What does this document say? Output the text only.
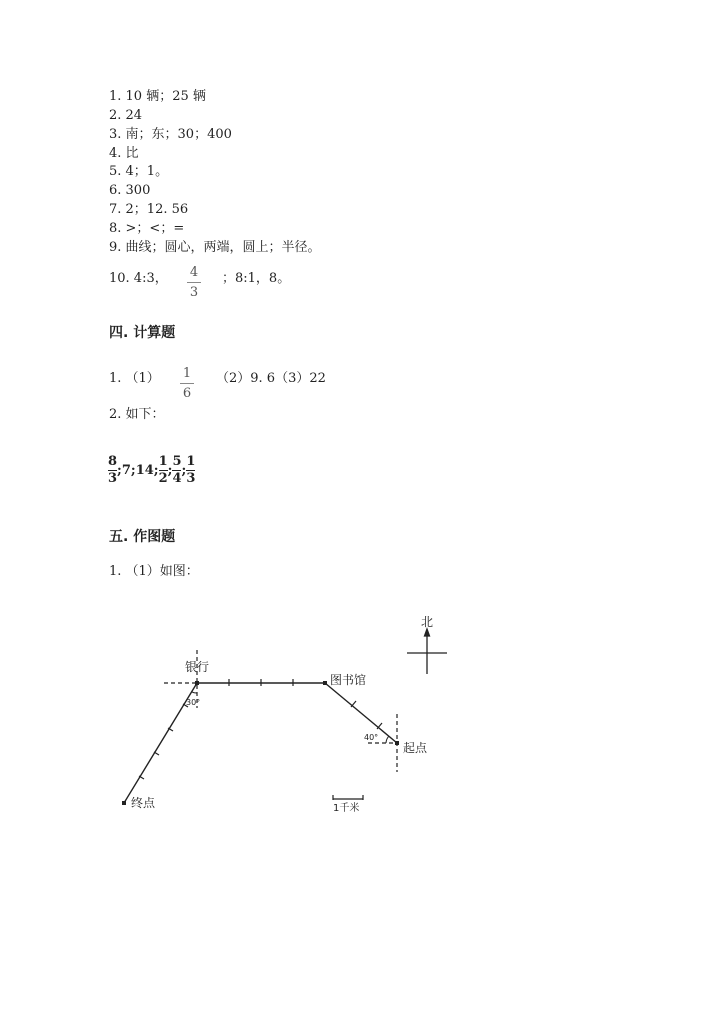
1. 10 辆；25 辆
2. 24
3. 南；东；30；400
4. 比
5. 4；1。
6. 300
7. 2；12. 56
8. >；<；=
9. 曲线；圆心，两端，圆上；半径。
10. 4:3， 4
3
；8:1，8。
四. 计算题
1. （1） 1
6
（2）9. 6（3）22
2. 如下：
8
3
;7;14;
1
2
;
5
4
;
1
3
五. 作图题
1. （1）如图：
北
银行
30°
图书馆
40°
起点
终点	1千米
